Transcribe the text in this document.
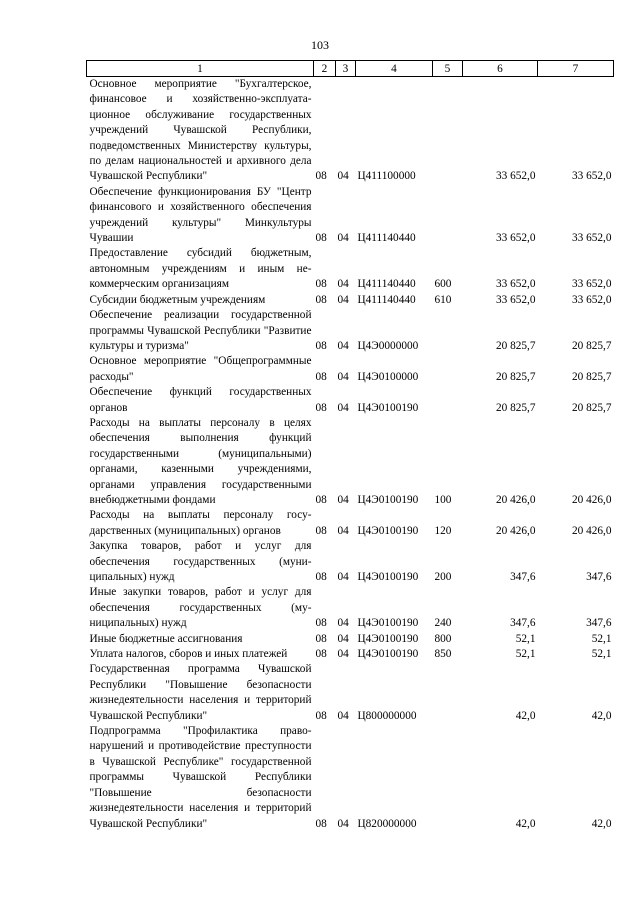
103
1	2	3	4	5	6	7
Основное мероприятие "Бухгалтерское, финансовое и хозяйственно-эксплуатационное обслуживание государственных учреждений Чувашской Республики, подведомственных Министерству культуры, по делам национальностей и архивного дела Чувашской Республики"	08	04	Ц411100000		33 652,0	33 652,0
Обеспечение функционирования БУ "Центр финансового и хозяйственного обеспечения учреждений культуры" Минкультуры Чувашии	08	04	Ц411140440		33 652,0	33 652,0
Предоставление субсидий бюджетным, автономным учреждениям и иным некоммерческим организациям	08	04	Ц411140440	600	33 652,0	33 652,0
Субсидии бюджетным учреждениям	08	04	Ц411140440	610	33 652,0	33 652,0
Обеспечение реализации государственной программы Чувашской Республики "Развитие культуры и туризма"	08	04	Ц4Э0000000		20 825,7	20 825,7
Основное мероприятие "Общепрограммные расходы"	08	04	Ц4Э0100000		20 825,7	20 825,7
Обеспечение функций государственных органов	08	04	Ц4Э0100190		20 825,7	20 825,7
Расходы на выплаты персоналу в целях обеспечения выполнения функций государственными (муниципальными) органами, казенными учреждениями, органами управления государственными внебюджетными фондами	08	04	Ц4Э0100190	100	20 426,0	20 426,0
Расходы на выплаты персоналу государственных (муниципальных) органов	08	04	Ц4Э0100190	120	20 426,0	20 426,0
Закупка товаров, работ и услуг для обеспечения государственных (муниципальных) нужд	08	04	Ц4Э0100190	200	347,6	347,6
Иные закупки товаров, работ и услуг для обеспечения государственных (муниципальных) нужд	08	04	Ц4Э0100190	240	347,6	347,6
Иные бюджетные ассигнования	08	04	Ц4Э0100190	800	52,1	52,1
Уплата налогов, сборов и иных платежей	08	04	Ц4Э0100190	850	52,1	52,1
Государственная программа Чувашской Республики "Повышение безопасности жизнедеятельности населения и территорий Чувашской Республики"	08	04	Ц800000000		42,0	42,0
Подпрограмма "Профилактика правонарушений и противодействие преступности в Чувашской Республике" государственной программы Чувашской Республики "Повышение безопасности жизнедеятельности населения и территорий Чувашской Республики"	08	04	Ц820000000		42,0	42,0
